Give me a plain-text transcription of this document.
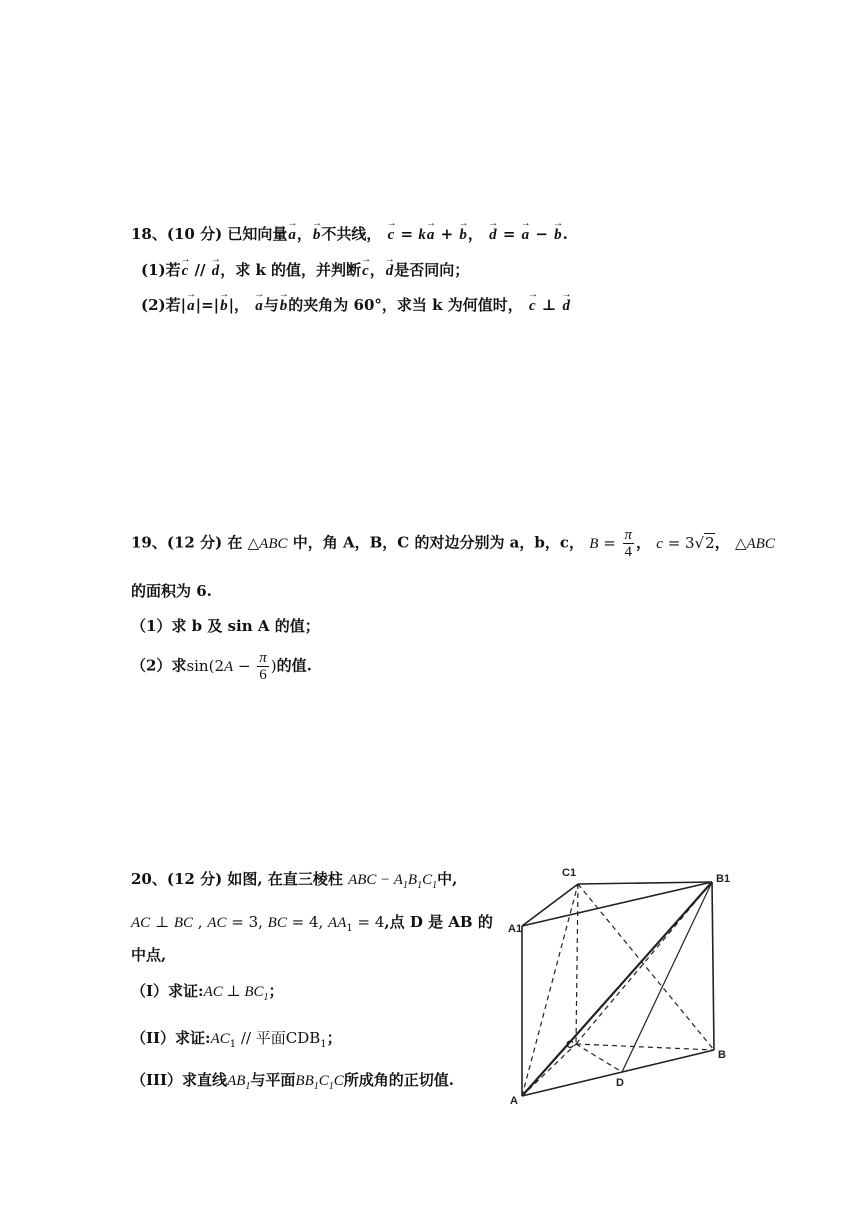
18、(10 分) 已知向量→ a，→ b不共线， → c = k→ a + → b， → d = → a − → b.
(1)若→ c // → d，求 k 的值，并判断→ c，→ d是否同向；
(2)若|→ a|=|→ b|， → a与→ b的夹角为 60°，求当 k 为何值时， → c ⊥ → d
19、(12 分) 在 △ABC 中，角 A，B，C 的对边分别为 a，b，c， $B = \frac{\pi}{4}$ ， c = 3√2， △ABC
的面积为 6.
（1）求 b 及 sin A 的值；
（2）求$\sin(2A - \frac{\pi}{6}$ )的值.
20、(12 分) 如图, 在直三棱柱 ABC − $A_1B_1C_1$中,
AC ⊥ BC , AC = 3, BC = 4, $AA_1 = 4$,点 D 是 AB 的
中点,
（I）求证:AC ⊥ $BC_1$；
（II）求证$:AC_1$ // 平面$CDB_1$；
（III）求直线$AB_1$与平面$BB_1C_1C$所成角的正切值.
C1	B1
A1
C
B
A
D
